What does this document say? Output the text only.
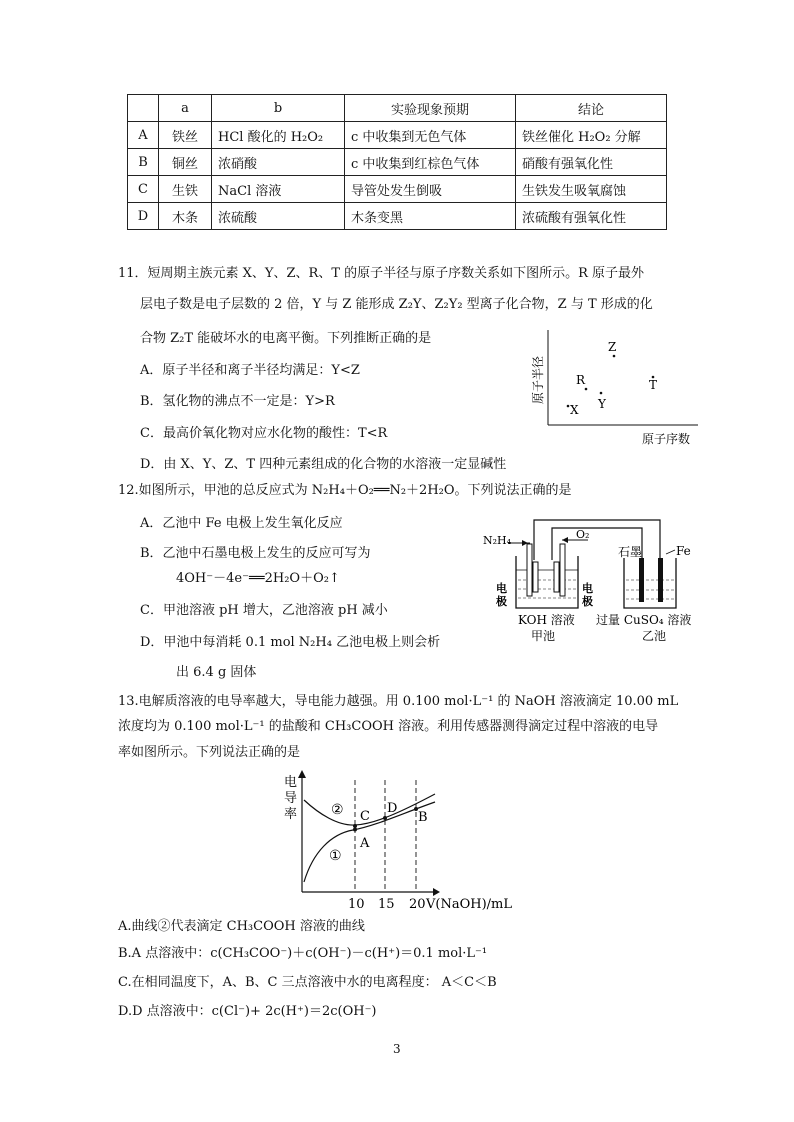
	a	b	实验现象预期	结论
A	铁丝	HCl 酸化的 H₂O₂	c 中收集到无色气体	铁丝催化 H₂O₂ 分解
B	铜丝	浓硝酸	c 中收集到红棕色气体	硝酸有强氧化性
C	生铁	NaCl 溶液	导管处发生倒吸	生铁发生吸氧腐蚀
D	木条	浓硫酸	木条变黑	浓硫酸有强氧化性
11．短周期主族元素 X、Y、Z、R、T 的原子半径与原子序数关系如下图所示。R 原子最外
层电子数是电子层数的 2 倍，Y 与 Z 能形成 Z₂Y、Z₂Y₂ 型离子化合物，Z 与 T 形成的化
合物 Z₂T 能破坏水的电离平衡。下列推断正确的是
A．原子半径和离子半径均满足：Y<Z
B．氢化物的沸点不一定是：Y>R
C．最高价氧化物对应水化物的酸性：T<R
D．由 X、Y、Z、T 四种元素组成的化合物的水溶液一定显碱性
原子半径
原子序数
Z
R	T
Y
X
12.如图所示，甲池的总反应式为 N₂H₄＋O₂══N₂＋2H₂O。下列说法正确的是
A．乙池中 Fe 电极上发生氧化反应
B．乙池中石墨电极上发生的反应可写为
4OH⁻－4e⁻══2H₂O＋O₂↑
C．甲池溶液 pH 增大，乙池溶液 pH 减小
D．甲池中每消耗 0.1 mol N₂H₄ 乙池电极上则会析
出 6.4 g 固体
N₂H₄	O₂
电
极
电
极
KOH 溶液
甲池
石墨	Fe
过量 CuSO₄ 溶液
乙池
13.电解质溶液的电导率越大，导电能力越强。用 0.100 mol·L⁻¹ 的 NaOH 溶液滴定 10.00 mL
浓度均为 0.100 mol·L⁻¹ 的盐酸和 CH₃COOH 溶液。利用传感器测得滴定过程中溶液的电导
率如图所示。下列说法正确的是
电
导
率 ②
①
A
C
D
B
10 15 20 V(NaOH)/mL
A.曲线②代表滴定 CH₃COOH 溶液的曲线
B.A 点溶液中：c(CH₃COO⁻)＋c(OH⁻)－c(H⁺)＝0.1 mol·L⁻¹
C.在相同温度下，A、B、C 三点溶液中水的电离程度： A＜C＜B
D.D 点溶液中：c(Cl⁻)+ 2c(H⁺)＝2c(OH⁻)
3
